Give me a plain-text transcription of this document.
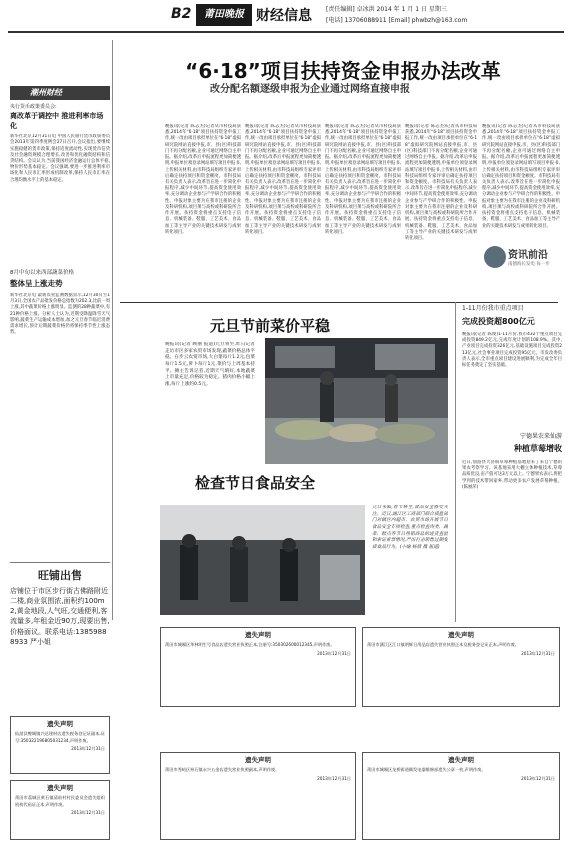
B2	莆田晚报 财经信息	[责任编辑] 卓冰洪 2014 年 1 月 1 日 星期三
[电话] 13706088911 [Email] phwbzh@163.com
潮州财经
央行货币政策委员会:
离改革于调控中 推进利率市场化
新华社北京12月31日电 中国人民银行货币政策委员会2013年第四季度例会27日召开,会议指出,要继续实施稳健的货币政策,保持适度流动性,实现货币信贷及社会融资规模合理增长,改善和优化融资结构和信贷结构。会议认为,当前我国经济金融运行总体平稳,物价形势基本稳定。会议强调,要进一步推进利率市场化和人民币汇率形成机制改革,保持人民币汇率在合理均衡水平上的基本稳定。
8月中旬以来西部蔬菜价格
整体呈上涨走势
新华社北京电 最新农业监测数据显示,12月30日至1月3日,全国农产品批发价格总指数为202.3,比前一周上涨,其中蔬菜价格上涨明显。监测的28种蔬菜中,有21种价格上涨。分析人士认为,近期受降温降雪天气影响,蔬菜生产运输成本增加,加之元旦春节临近消费需求增长,预计后期蔬菜价格仍将保持季节性上涨态势。
旺铺出售
店铺位于市区步行街古佛路附近二楼,商业氛围浓,面积约100m2,黄金地段,人气旺,交通便利,客流量多,年租金近90万,现要出售,价格面议。联系电话:13859888933 严小姐
“6·18”项目扶持资金申报办法改革
改分配名额逐级申报为企业通过网络直接申报
晚报讯(记者 陈志杰)记者从市科技局获悉,2014年“6·18”项目扶持资金申报工作,统一改由项目承担单位在“6·18”虚拟研究院网站直接申报,市、县(区)科技部门不再分配名额,企业可通过网络自主申报。据介绍,改革后申报流程更加简便透明,申报单位须登录网站填写项目申报书,上传相关材料,由市科技局组织专家评审后确定扶持项目和资金额度。市科技局有关负责人表示,改革旨在进一步简化申报程序,减少中间环节,提高资金使用效率,充分调动企业参与产学研合作的积极性。申报对象主要为在我市注册的企业及科研机构,项目须与高校或科研院所合作开展。扶持资金将重点支持电子信息、机械装备、鞋服、工艺美术、食品加工等主导产业的关键技术研发与成果转化项目。
晚报讯(记者 陈志杰)记者从市科技局获悉,2014年“6·18”项目扶持资金申报工作,统一改由项目承担单位在“6·18”虚拟研究院网站直接申报,市、县(区)科技部门不再分配名额,企业可通过网络自主申报。据介绍,改革后申报流程更加简便透明,申报单位须登录网站填写项目申报书,上传相关材料,由市科技局组织专家评审后确定扶持项目和资金额度。市科技局有关负责人表示,改革旨在进一步简化申报程序,减少中间环节,提高资金使用效率,充分调动企业参与产学研合作的积极性。申报对象主要为在我市注册的企业及科研机构,项目须与高校或科研院所合作开展。扶持资金将重点支持电子信息、机械装备、鞋服、工艺美术、食品加工等主导产业的关键技术研发与成果转化项目。
晚报讯(记者 陈志杰)记者从市科技局获悉,2014年“6·18”项目扶持资金申报工作,统一改由项目承担单位在“6·18”虚拟研究院网站直接申报,市、县(区)科技部门不再分配名额,企业可通过网络自主申报。据介绍,改革后申报流程更加简便透明,申报单位须登录网站填写项目申报书,上传相关材料,由市科技局组织专家评审后确定扶持项目和资金额度。市科技局有关负责人表示,改革旨在进一步简化申报程序,减少中间环节,提高资金使用效率,充分调动企业参与产学研合作的积极性。申报对象主要为在我市注册的企业及科研机构,项目须与高校或科研院所合作开展。扶持资金将重点支持电子信息、机械装备、鞋服、工艺美术、食品加工等主导产业的关键技术研发与成果转化项目。
晚报讯(记者 陈志杰)记者从市科技局获悉,2014年“6·18”项目扶持资金申报工作,统一改由项目承担单位在“6·18”虚拟研究院网站直接申报,市、县(区)科技部门不再分配名额,企业可通过网络自主申报。据介绍,改革后申报流程更加简便透明,申报单位须登录网站填写项目申报书,上传相关材料,由市科技局组织专家评审后确定扶持项目和资金额度。市科技局有关负责人表示,改革旨在进一步简化申报程序,减少中间环节,提高资金使用效率,充分调动企业参与产学研合作的积极性。申报对象主要为在我市注册的企业及科研机构,项目须与高校或科研院所合作开展。扶持资金将重点支持电子信息、机械装备、鞋服、工艺美术、食品加工等主导产业的关键技术研发与成果转化项目。
晚报讯(记者 陈志杰)记者从市科技局获悉,2014年“6·18”项目扶持资金申报工作,统一改由项目承担单位在“6·18”虚拟研究院网站直接申报,市、县(区)科技部门不再分配名额,企业可通过网络自主申报。据介绍,改革后申报流程更加简便透明,申报单位须登录网站填写项目申报书,上传相关材料,由市科技局组织专家评审后确定扶持项目和资金额度。市科技局有关负责人表示,改革旨在进一步简化申报程序,减少中间环节,提高资金使用效率,充分调动企业参与产学研合作的积极性。申报对象主要为在我市注册的企业及科研机构,项目须与高校或科研院所合作开展。扶持资金将重点支持电子信息、机械装备、鞋服、工艺美术、食品加工等主导产业的关键技术研发与成果转化项目。
资讯前沿
南德海长发电 每一步
元旦节前菜价平稳
晚报讯(记者 顾丽 报道)元旦将至,昨日记者走访市区多家农贸市场发现,蔬菜价格总体平稳。在步云农贸市场,大白菜每斤1.2元,包菜每斤1.5元,萝卜每斤1元,菜价与上周基本持平。摊主告诉记者,近期天气晴好,本地蔬菜上市量充足,价格较为稳定。猪肉价格小幅上涨,每斤上涨约0.5元。
检查节日食品安全
元旦来临,春节将至,食品安全备受关注。近日,涵江区工商部门联合质监部门对辖区内超市、农贸市场开展节日食品安全专项检查,重点检查肉类、蔬菜、糕点等节日热销商品的进货查验和索证索票情况,严厉打击销售过期变质食品行为。(小喻 杨倩 摄 报道)
1-11月份我市重点项目
完成投资超800亿元
晚报讯(记者 陈俊)1-11月份,我市432个重点项目完成投资849.2亿元,完成年度计划的108.9%。其中,产业项目完成投资326亿元,基础设施项目完成投资213亿元,社会事业项目完成投资95亿元。市发改委负责人表示,全市重点项目建设进展顺利,为完成全年目标任务奠定了坚实基础。
宁德果农来仙游
种植草莓增收
近日,仙游县大济镇草莓种植基地迎来了来自宁德的果农考察学习。该基地采用大棚立体种植技术,草莓品质优良,亩产值可达3万元以上。宁德果农表示,将把学到的技术带回家乡,带动更多农户发展草莓种植。(陈丽萍)
遗失声明
莆田市城厢区华林明生号食品店遗失营业执照正本,注册号:350302600012345,声明作废。
2013年12月31日
遗失声明
莆田市涵江区江口镇明辉日用品店遗失营业执照正本及税务登记证正本,声明作废。
2013年12月31日
遗失声明
仙游县鲤城镇兴达建材店遗失税务登记证副本,证号:350322196805031234,声明作废。
2013年12月31日
遗失声明
莆田市荔城区黄石镇清前村村民委员会遗失组织机构代码证正本,声明作废。
2013年12月31日
遗失声明
莆田市秀屿区笏石镇永兴五金店遗失营业执照副本,声明作废。
2013年12月31日
遗失声明
莆田市城厢区龙桥街道顺发电器维修部遗失公章一枚,声明作废。
2013年12月31日
